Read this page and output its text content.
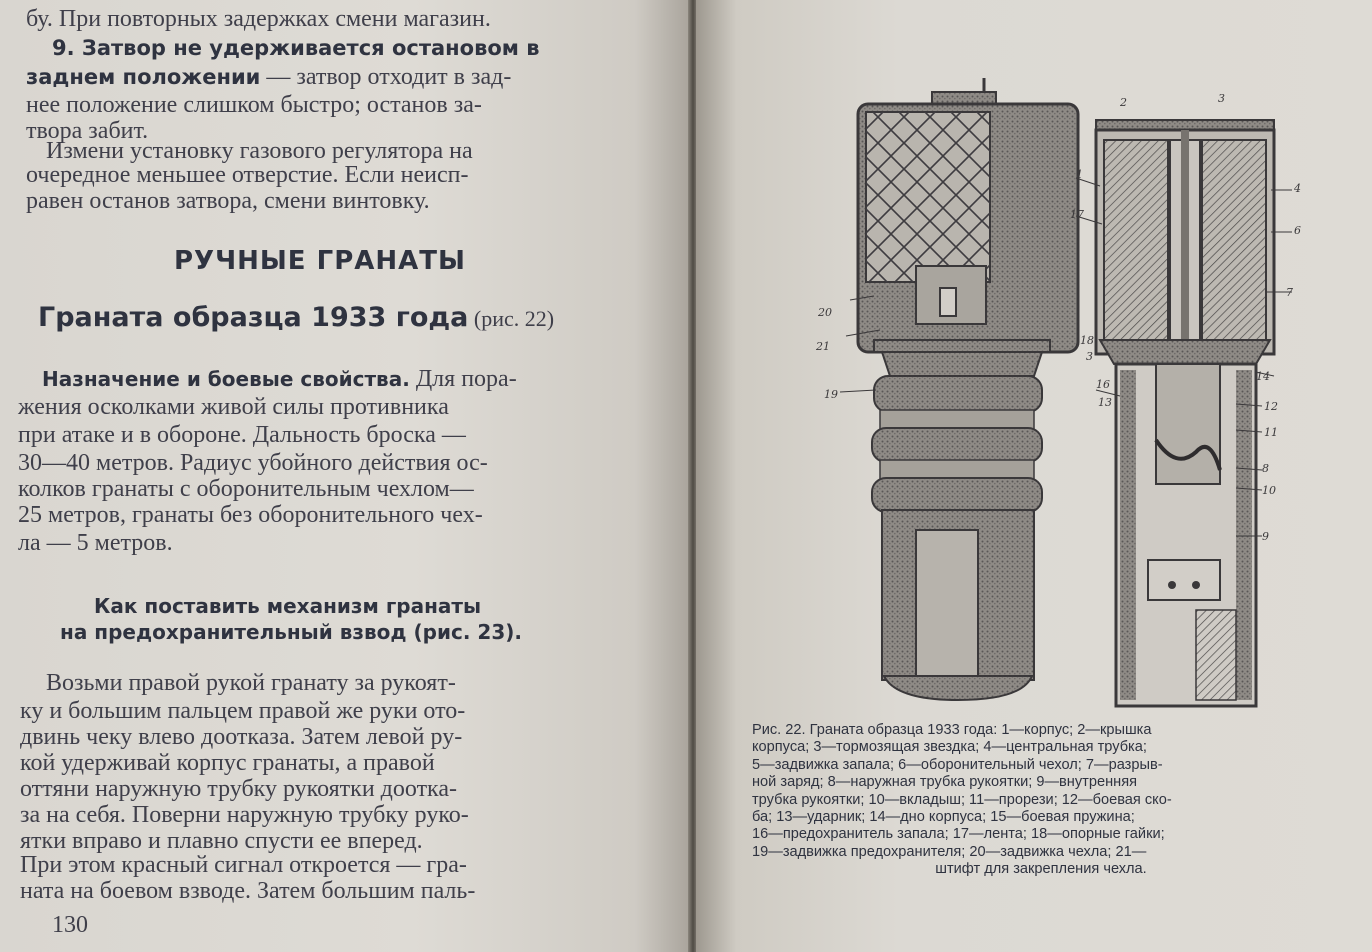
бу. При повторных задержках смени магазин.
9. Затвор не удерживается остановом в
заднем положении — затвор отходит в зад-
нее положение слишком быстро; останов за-
твора забит.
Измени установку газового регулятора на
очередное меньшее отверстие. Если неисп-
равен останов затвора, смени винтовку.
РУЧНЫЕ ГРАНАТЫ
Граната образца 1933 года (рис. 22)
Назначение и боевые свойства. Для пора-
жения осколками живой силы противника
при атаке и в обороне. Дальность броска —
30—40 метров. Радиус убойного действия ос-
колков гранаты с оборонительным чехлом—
25 метров, гранаты без оборонительного чех-
ла — 5 метров.
Как поставить механизм гранаты
на предохранительный взвод (рис. 23).
Возьми правой рукой гранату за рукоят-
ку и большим пальцем правой же руки ото-
двинь чеку влево доотказа. Затем левой ру-
кой удерживай корпус гранаты, а правой
оттяни наружную трубку рукоятки доотка-
за на себя. Поверни наружную трубку руко-
ятки вправо и плавно спусти ее вперед.
При этом красный сигнал откроется — гра-
ната на боевом взводе. Затем большим паль-
130
20
21
19
2	3
1
17
4
6
7
18
3
14
16
13	12
11
8
10
9
Рис. 22. Граната образца 1933 года: 1—корпус; 2—крышка
корпуса; 3—тормозящая звездка; 4—центральная трубка;
5—задвижка запала; 6—оборонительный чехол; 7—разрыв-
ной заряд; 8—наружная трубка рукоятки; 9—внутренняя
трубка рукоятки; 10—вкладыш; 11—прорези; 12—боевая ско-
ба; 13—ударник; 14—дно корпуса; 15—боевая пружина;
16—предохранитель запала; 17—лента; 18—опорные гайки;
19—задвижка предохранителя; 20—задвижка чехла; 21—
штифт для закрепления чехла.
